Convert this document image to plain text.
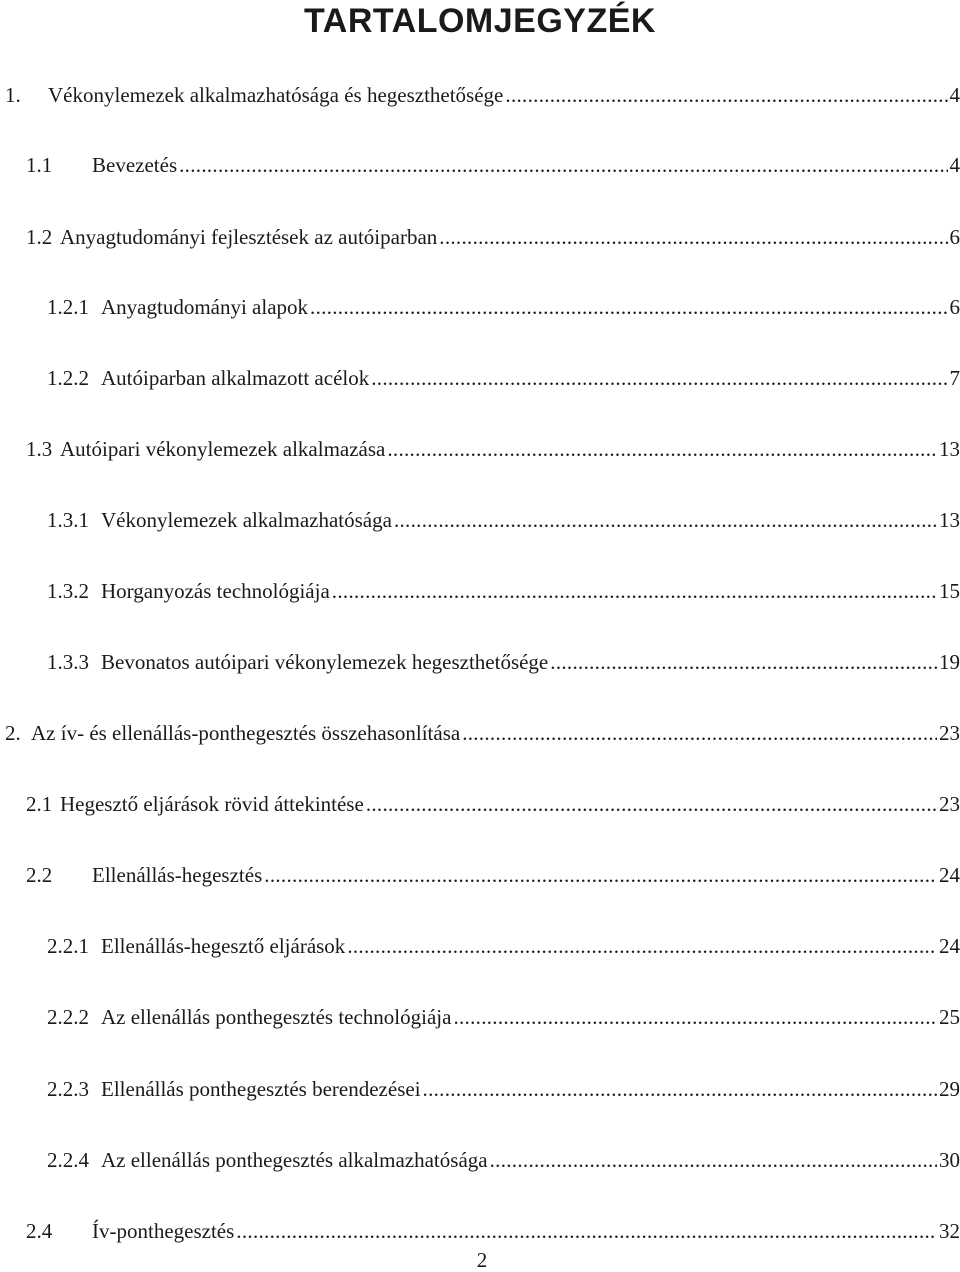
TARTALOMJEGYZÉK
1.	Vékonylemezek alkalmazhatósága és hegeszthetősége .....	4
1.1	Bevezetés .....	4
1.2 Anyagtudományi fejlesztések az autóiparban .....	6
1.2.1 Anyagtudományi alapok .....	6
1.2.2 Autóiparban alkalmazott acélok .....	7
1.3 Autóipari vékonylemezek alkalmazása .....	13
1.3.1 Vékonylemezek alkalmazhatósága .....	13
1.3.2 Horganyozás technológiája .....	15
1.3.3 Bevonatos autóipari vékonylemezek hegeszthetősége .....	19
2. Az ív- és ellenállás-ponthegesztés összehasonlítása .....	23
2.1 Hegesztő eljárások rövid áttekintése .....	23
2.2	Ellenállás-hegesztés .....	24
2.2.1 Ellenállás-hegesztő eljárások .....	24
2.2.2 Az ellenállás ponthegesztés technológiája .....	25
2.2.3 Ellenállás ponthegesztés berendezései .....	29
2.2.4 Az ellenállás ponthegesztés alkalmazhatósága .....	30
2.4	Ív-ponthegesztés .....	32
2
